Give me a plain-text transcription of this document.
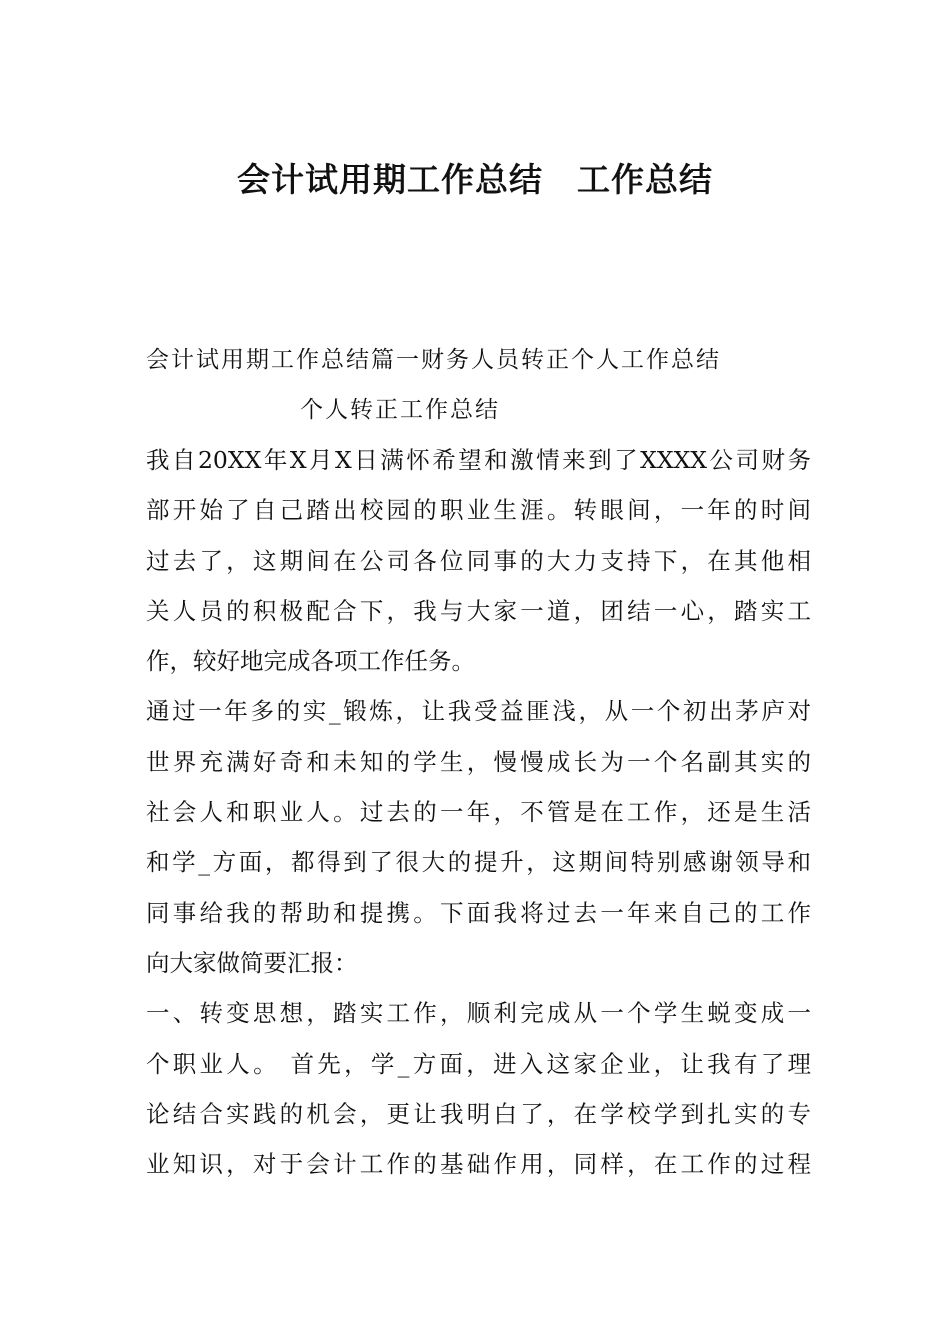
会计试用期工作总结　工作总结
会计试用期工作总结篇一财务人员转正个人工作总结
个人转正工作总结
我自20XX年X月X日满怀希望和激情来到了XXXX公司财务
部开始了自己踏出校园的职业生涯。转眼间，一年的时间
过去了，这期间在公司各位同事的大力支持下，在其他相
关人员的积极配合下，我与大家一道，团结一心，踏实工
作，较好地完成各项工作任务。
通过一年多的实_锻炼，让我受益匪浅，从一个初出茅庐对
世界充满好奇和未知的学生，慢慢成长为一个名副其实的
社会人和职业人。过去的一年，不管是在工作，还是生活
和学_方面，都得到了很大的提升，这期间特别感谢领导和
同事给我的帮助和提携。下面我将过去一年来自己的工作
向大家做简要汇报：
一、转变思想，踏实工作，顺利完成从一个学生蜕变成一
个职业人。 首先，学_方面，进入这家企业，让我有了理
论结合实践的机会，更让我明白了，在学校学到扎实的专
业知识，对于会计工作的基础作用，同样，在工作的过程
